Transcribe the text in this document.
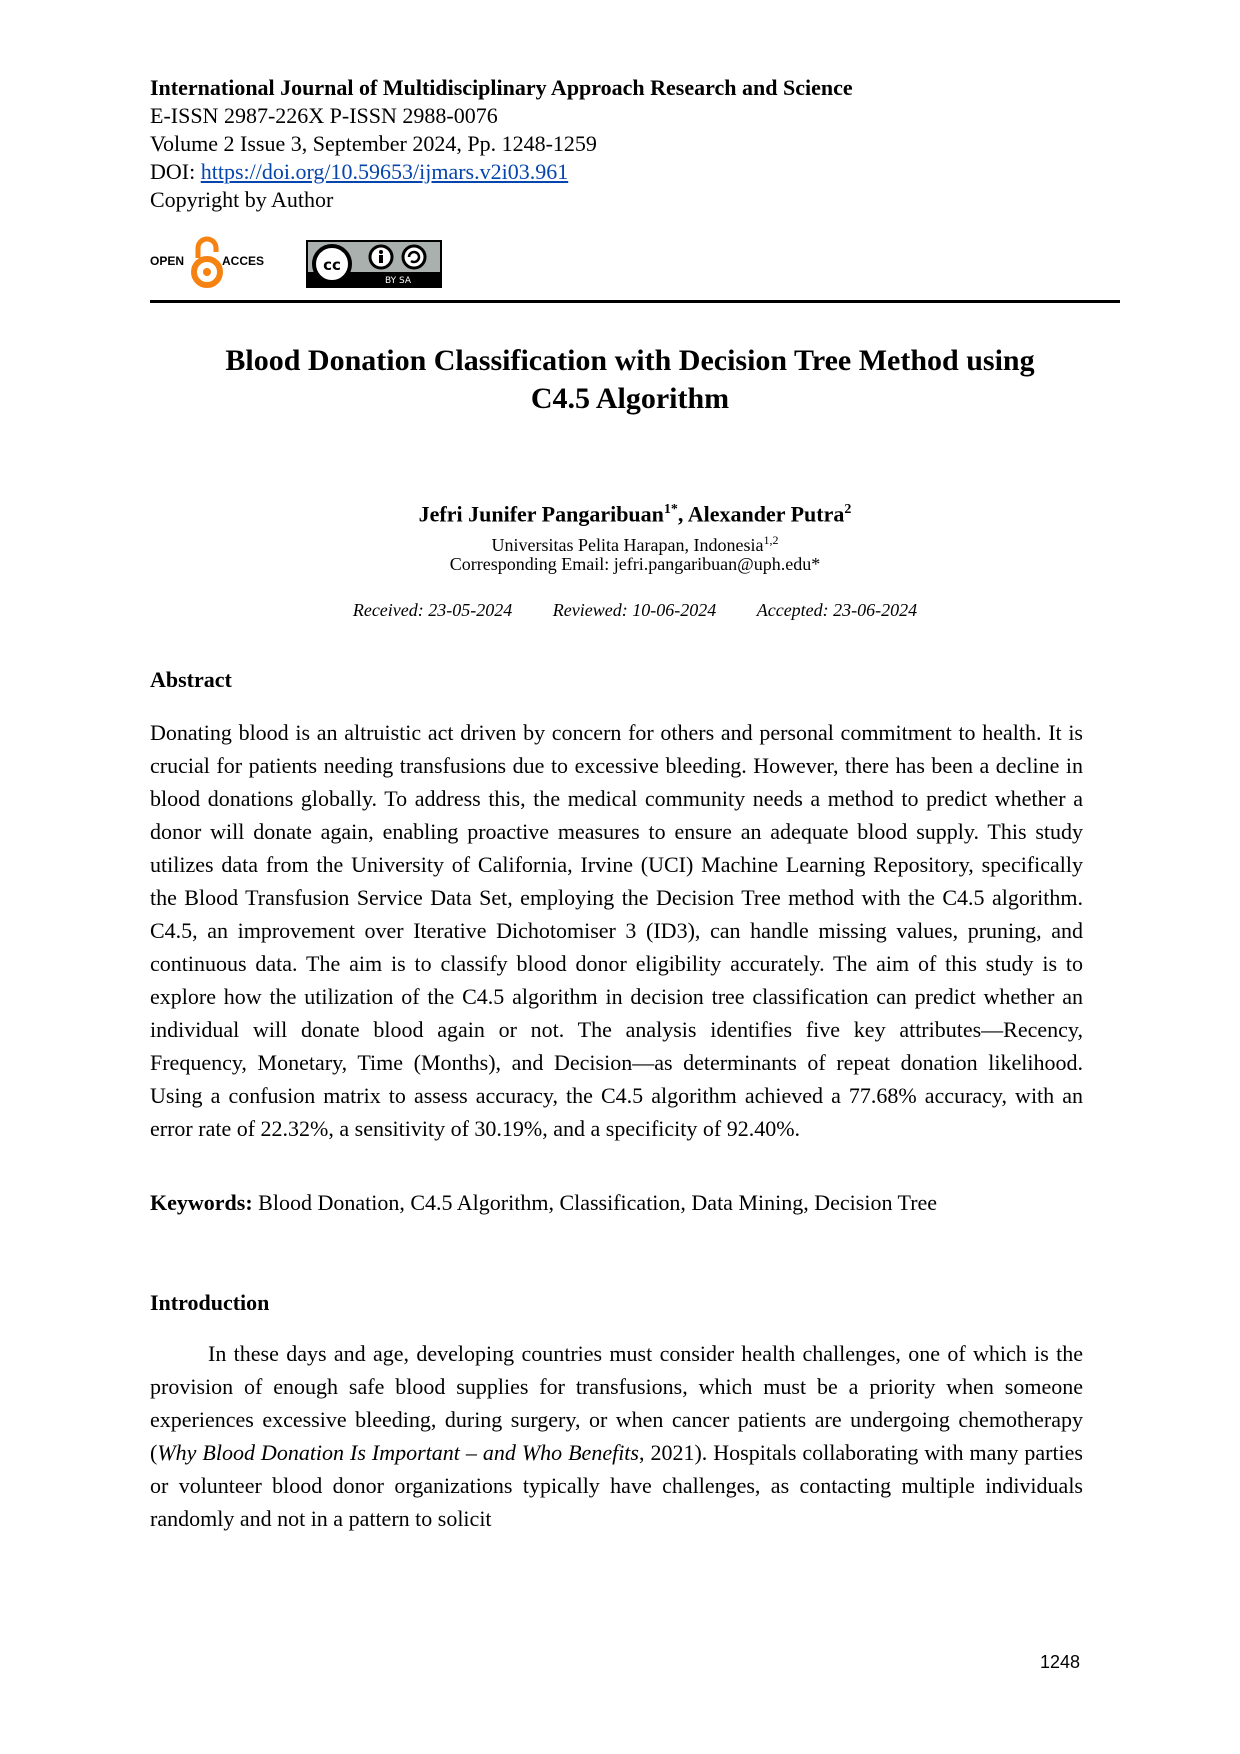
International Journal of Multidisciplinary Approach Research and Science

E-ISSN 2987-226X P-ISSN 2988-0076

Volume 2 Issue 3, September 2024, Pp. 1248-1259

DOI: https://doi.org/10.59653/ijmars.v2i03.961

Copyright by Author

OPEN	ACCES	cc
BY SA
Blood Donation Classification with Decision Tree Method using
C4.5 Algorithm

Jefri Junifer Pangaribuan$^{1*}$, Alexander Putra$^2$

Universitas Pelita Harapan, Indonesia$^{1,2}$

Corresponding Email: jefri.pangaribuan@uph.edu*

Received: 23-05-2024 Reviewed: 10-06-2024 Accepted: 23-06-2024
Abstract

Donating blood is an altruistic act driven by concern for others and personal commitment to health. It is crucial for patients needing transfusions due to excessive bleeding. However, there has been a decline in blood donations globally. To address this, the medical community needs a method to predict whether a donor will donate again, enabling proactive measures to ensure an adequate blood supply. This study utilizes data from the University of California, Irvine (UCI) Machine Learning Repository, specifically the Blood Transfusion Service Data Set, employing the Decision Tree method with the C4.5 algorithm. C4.5, an improvement over Iterative Dichotomiser 3 (ID3), can handle missing values, pruning, and continuous data. The aim is to classify blood donor eligibility accurately. The aim of this study is to explore how the utilization of the C4.5 algorithm in decision tree classification can predict whether an individual will donate blood again or not. The analysis identifies five key attributes—Recency, Frequency, Monetary, Time (Months), and Decision—as determinants of repeat donation likelihood. Using a confusion matrix to assess accuracy, the C4.5 algorithm achieved a 77.68% accuracy, with an error rate of 22.32%, a sensitivity of 30.19%, and a specificity of 92.40%.

Keywords: Blood Donation, C4.5 Algorithm, Classification, Data Mining, Decision Tree

Introduction

In these days and age, developing countries must consider health challenges, one of which is the provision of enough safe blood supplies for transfusions, which must be a priority when someone experiences excessive bleeding, during surgery, or when cancer patients are undergoing chemotherapy (Why Blood Donation Is Important – and Who Benefits, 2021). Hospitals collaborating with many parties or volunteer blood donor organizations typically have challenges, as contacting multiple individuals randomly and not in a pattern to solicit

1248
